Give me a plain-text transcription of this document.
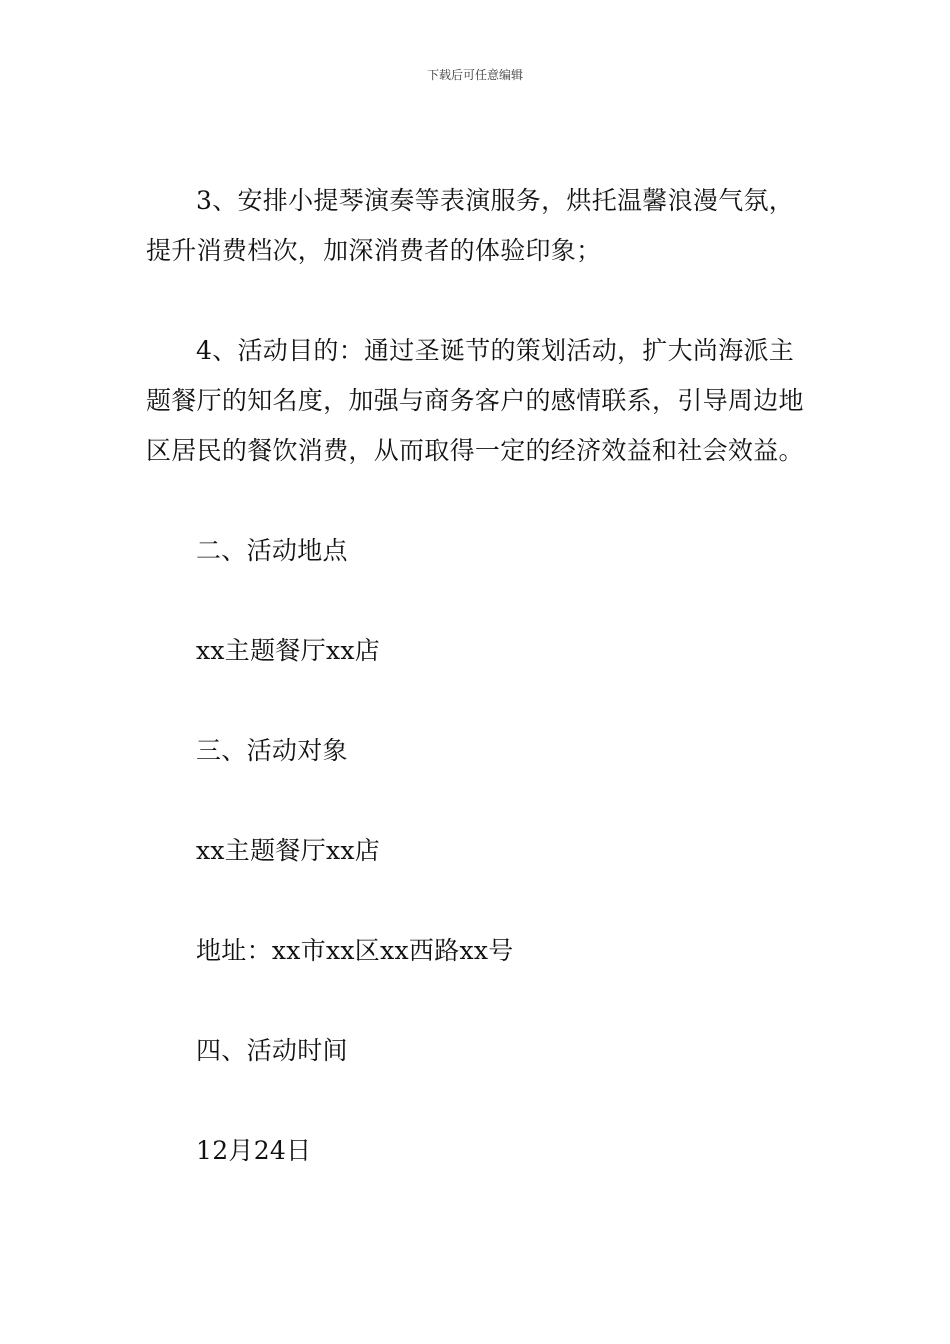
下载后可任意编辑

3、安排小提琴演奏等表演服务，烘托温馨浪漫气氛，提升消费档次，加深消费者的体验印象；

4、活动目的：通过圣诞节的策划活动，扩大尚海派主题餐厅的知名度，加强与商务客户的感情联系，引导周边地区居民的餐饮消费，从而取得一定的经济效益和社会效益。

二、活动地点

xx主题餐厅xx店

三、活动对象

xx主题餐厅xx店

地址：xx市xx区xx西路xx号

四、活动时间

12月24日
